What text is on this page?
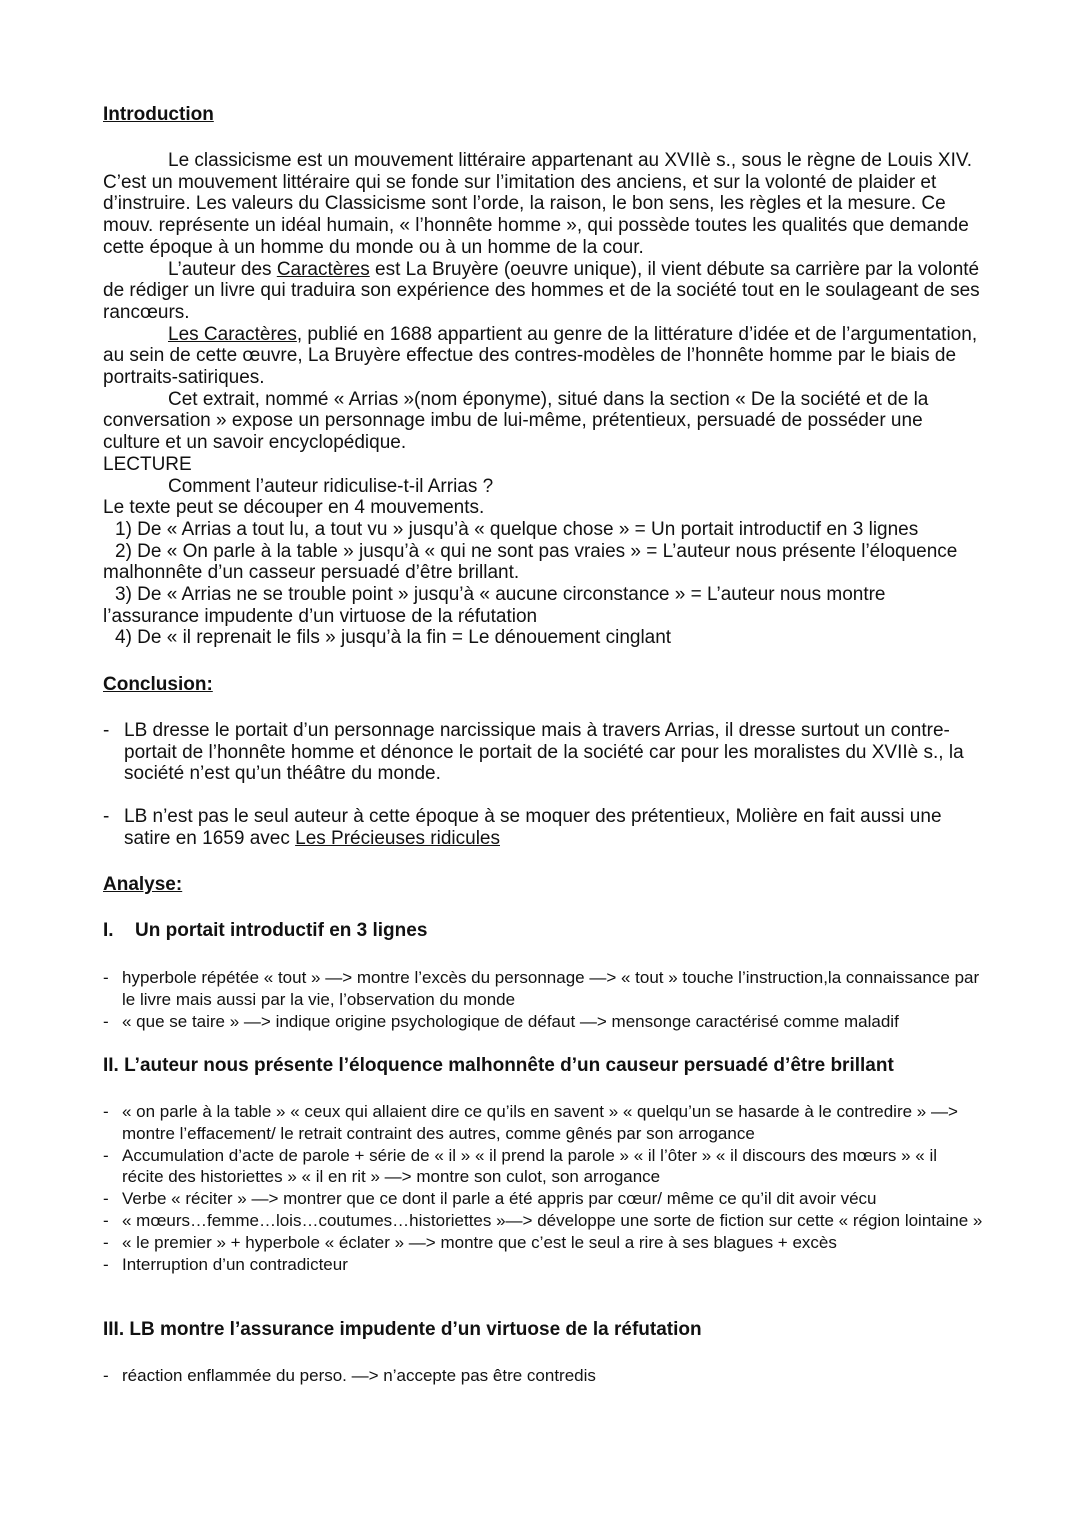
Introduction

Le classicisme est un mouvement littéraire appartenant au XVIIè s., sous le règne de Louis XIV. C’est un mouvement littéraire qui se fonde sur l’imitation des anciens, et sur la volonté de plaider et d’instruire. Les valeurs du Classicisme sont l’orde, la raison, le bon sens, les règles et la mesure. Ce mouv. représente un idéal humain, « l’honnête homme », qui possède toutes les qualités que demande cette époque à un homme du monde ou à un homme de la cour.

L’auteur des Caractères est La Bruyère (oeuvre unique), il vient débute sa carrière par la volonté de rédiger un livre qui traduira son expérience des hommes et de la société tout en le soulageant de ses rancœurs.

Les Caractères, publié en 1688 appartient au genre de la littérature d’idée et de l’argumentation, au sein de cette œuvre, La Bruyère effectue des contres-modèles de l’honnête homme par le biais de portraits-satiriques.

Cet extrait, nommé « Arrias »(nom éponyme), situé dans la section « De la société et de la conversation » expose un personnage imbu de lui-même, prétentieux, persuadé de posséder une culture et un savoir encyclopédique.

LECTURE

Comment l’auteur ridiculise-t-il Arrias ?

Le texte peut se découper en 4 mouvements.

1) De « Arrias a tout lu, a tout vu » jusqu’à « quelque chose » = Un portait introductif en 3 lignes

2) De « On parle à la table » jusqu’à « qui ne sont pas vraies » = L’auteur nous présente l’éloquence malhonnête d’un casseur persuadé d’être brillant.

3) De « Arrias ne se trouble point » jusqu’à « aucune circonstance » = L’auteur nous montre l’assurance impudente d’un virtuose de la réfutation

4) De « il reprenait le fils » jusqu’à la fin = Le dénouement cinglant

Conclusion:
- LB dresse le portait d’un personnage narcissique mais à travers Arrias, il dresse surtout un contre-portait de l’honnête homme et dénonce le portait de la société car pour les moralistes du XVIIè s., la société n’est qu’un théâtre du monde.
- LB n’est pas le seul auteur à cette époque à se moquer des prétentieux, Molière en fait aussi une satire en 1659 avec Les Précieuses ridicules
Analyse:
I. Un portait introductif en 3 lignes
- hyperbole répétée « tout » —> montre l’excès du personnage —> « tout » touche l’instruction,la connaissance par le livre mais aussi par la vie, l’observation du monde
- « que se taire » —> indique origine psychologique de défaut —> mensonge caractérisé comme maladif
II. L’auteur nous présente l’éloquence malhonnête d’un causeur persuadé d’être brillant
- « on parle à la table » « ceux qui allaient dire ce qu’ils en savent » « quelqu’un se hasarde à le contredire » —> montre l’effacement/ le retrait contraint des autres, comme gênés par son arrogance
- Accumulation d’acte de parole + série de « il » « il prend la parole » « il l’ôter » « il discours des mœurs » « il récite des historiettes » « il en rit » —> montre son culot, son arrogance
- Verbe « réciter » —> montrer que ce dont il parle a été appris par cœur/ même ce qu’il dit avoir vécu
- « mœurs…femme…lois…coutumes…historiettes »—> développe une sorte de fiction sur cette « région lointaine »
- « le premier » + hyperbole « éclater » —> montre que c’est le seul a rire à ses blagues + excès
- Interruption d’un contradicteur
III. LB montre l’assurance impudente d’un virtuose de la réfutation
- réaction enflammée du perso. —> n’accepte pas être contredis
